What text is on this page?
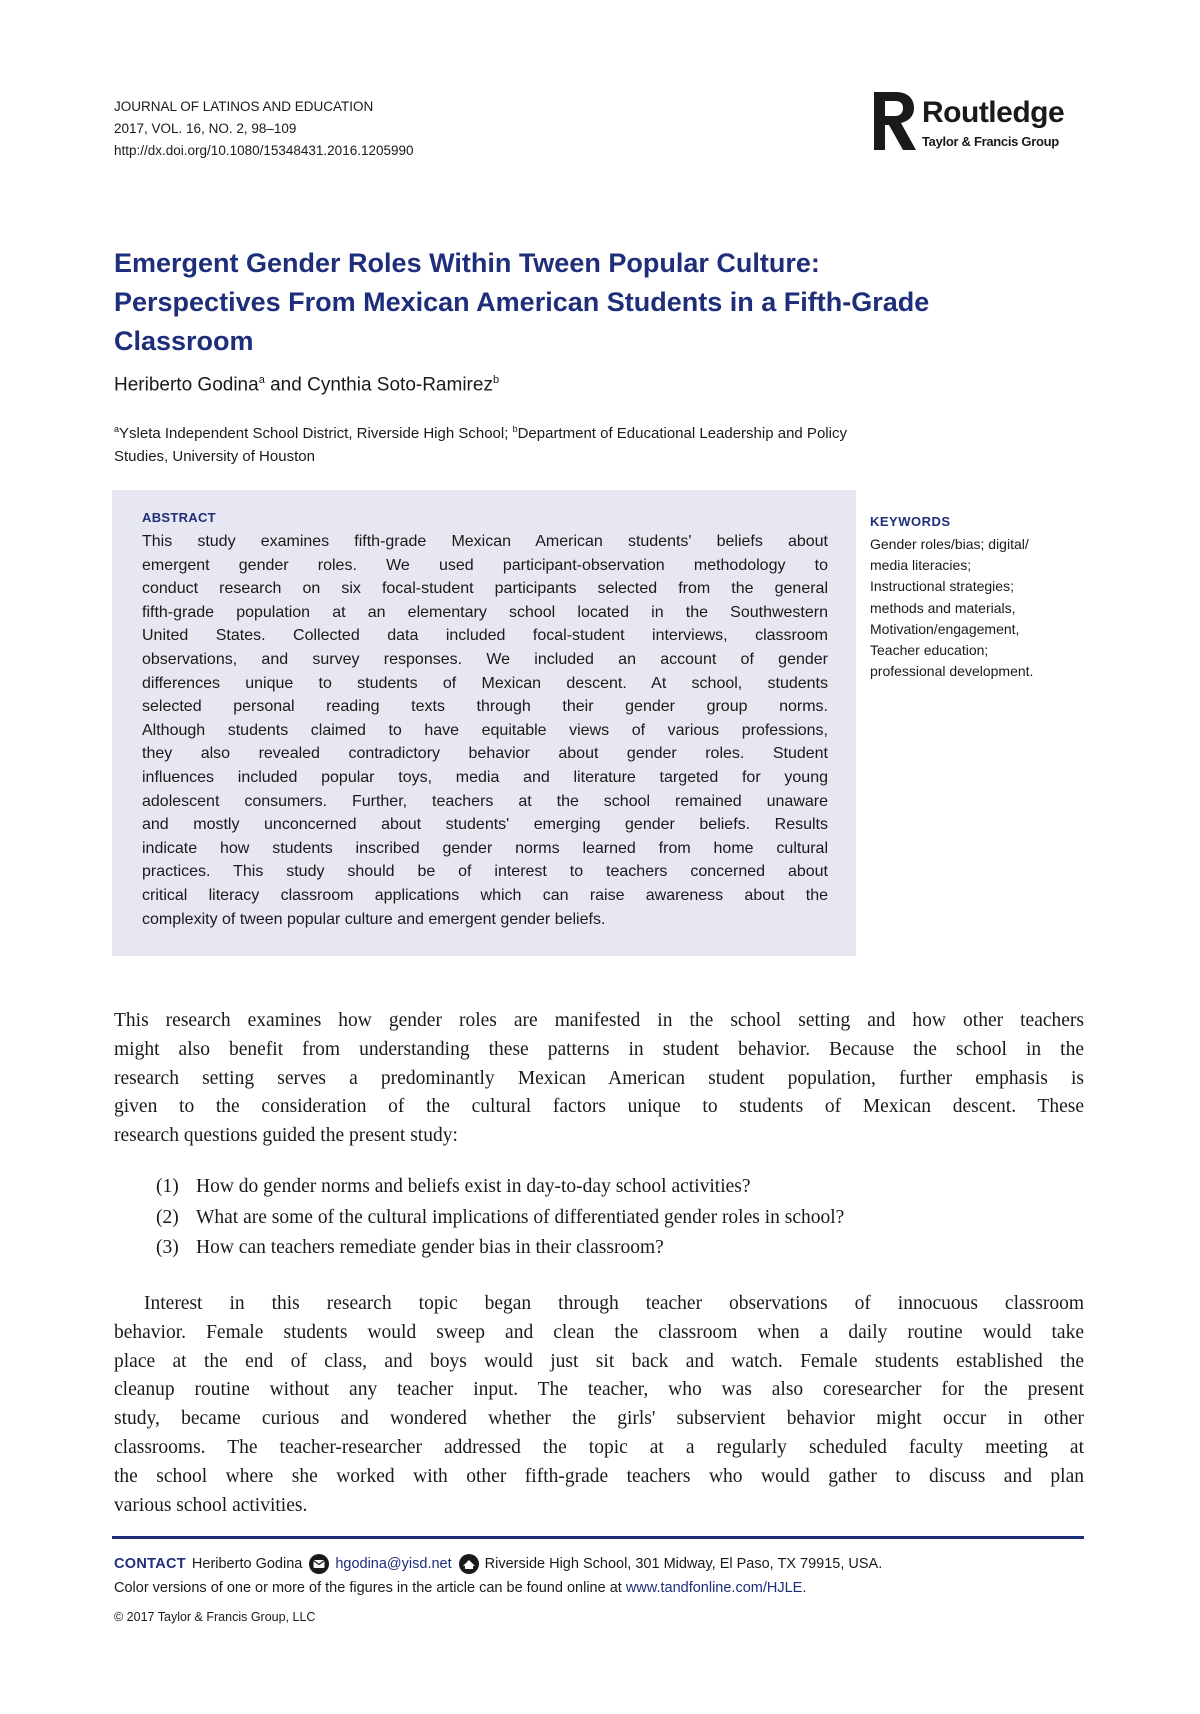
JOURNAL OF LATINOS AND EDUCATION
2017, VOL. 16, NO. 2, 98–109
http://dx.doi.org/10.1080/15348431.2016.1205990
Routledge
Taylor & Francis Group
Emergent Gender Roles Within Tween Popular Culture:
Perspectives From Mexican American Students in a Fifth-Grade
Classroom
Heriberto Godina$^a$ and Cynthia Soto-Ramirez$^b$
$^a$Ysleta Independent School District, Riverside High School; $^b$Department of Educational Leadership and Policy
Studies, University of Houston
ABSTRACT
This study examines fifth-grade Mexican American students' beliefs about
emergent gender roles. We used participant-observation methodology to
conduct research on six focal-student participants selected from the general
fifth-grade population at an elementary school located in the Southwestern
United States. Collected data included focal-student interviews, classroom
observations, and survey responses. We included an account of gender
differences unique to students of Mexican descent. At school, students
selected personal reading texts through their gender group norms.
Although students claimed to have equitable views of various professions,
they also revealed contradictory behavior about gender roles. Student
influences included popular toys, media and literature targeted for young
adolescent consumers. Further, teachers at the school remained unaware
and mostly unconcerned about students' emerging gender beliefs. Results
indicate how students inscribed gender norms learned from home cultural
practices. This study should be of interest to teachers concerned about
critical literacy classroom applications which can raise awareness about the
complexity of tween popular culture and emergent gender beliefs.
KEYWORDS
Gender roles/bias; digital/
media literacies;
Instructional strategies;
methods and materials,
Motivation/engagement,
Teacher education;
professional development.
This research examines how gender roles are manifested in the school setting and how other teachers
might also benefit from understanding these patterns in student behavior. Because the school in the
research setting serves a predominantly Mexican American student population, further emphasis is
given to the consideration of the cultural factors unique to students of Mexican descent. These
research questions guided the present study:
(1) How do gender norms and beliefs exist in day-to-day school activities?
(2) What are some of the cultural implications of differentiated gender roles in school?
(3) How can teachers remediate gender bias in their classroom?
Interest in this research topic began through teacher observations of innocuous classroom
behavior. Female students would sweep and clean the classroom when a daily routine would take
place at the end of class, and boys would just sit back and watch. Female students established the
cleanup routine without any teacher input. The teacher, who was also coresearcher for the present
study, became curious and wondered whether the girls' subservient behavior might occur in other
classrooms. The teacher-researcher addressed the topic at a regularly scheduled faculty meeting at
the school where she worked with other fifth-grade teachers who would gather to discuss and plan
various school activities.
CONTACT Heriberto Godina hgodina@yisd.net Riverside High School, 301 Midway, El Paso, TX 79915, USA.
Color versions of one or more of the figures in the article can be found online at www.tandfonline.com/HJLE.
© 2017 Taylor & Francis Group, LLC
